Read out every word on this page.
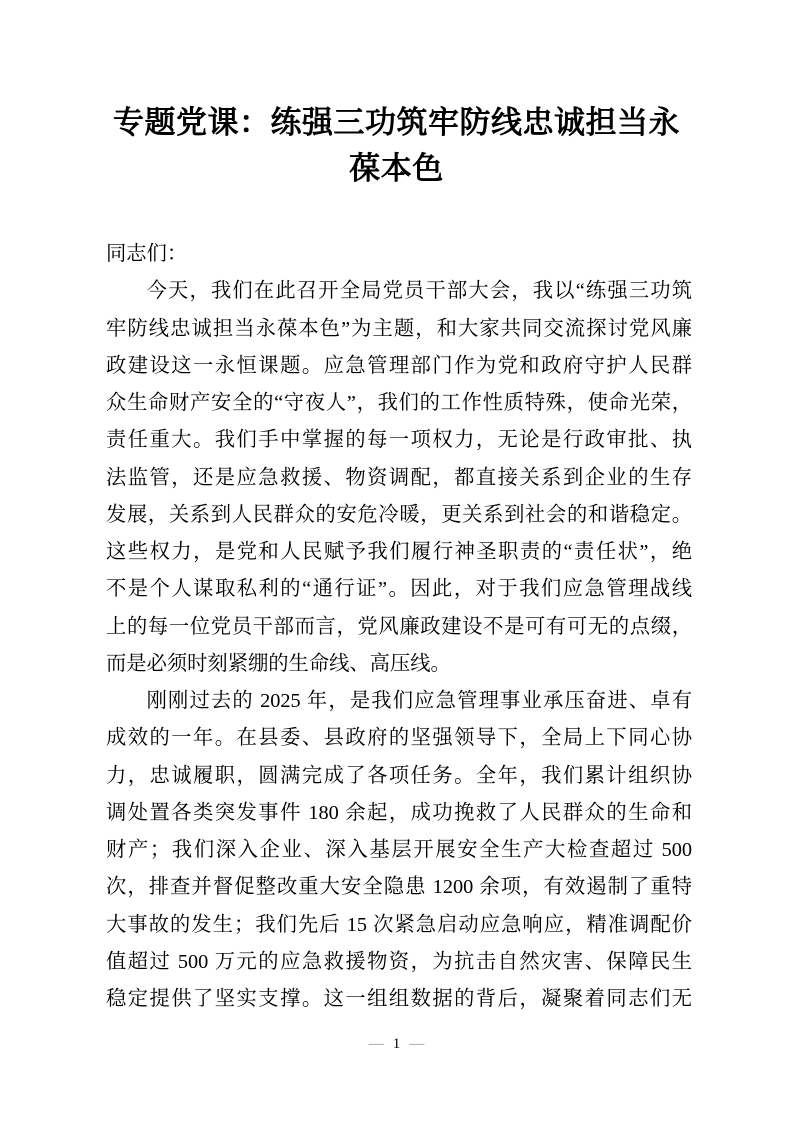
专题党课：练强三功筑牢防线忠诚担当永
葆本色
同志们：
今天，我们在此召开全局党员干部大会，我以“练强三功筑
牢防线忠诚担当永葆本色”为主题，和大家共同交流探讨党风廉
政建设这一永恒课题。应急管理部门作为党和政府守护人民群
众生命财产安全的“守夜人”，我们的工作性质特殊，使命光荣，
责任重大。我们手中掌握的每一项权力，无论是行政审批、执
法监管，还是应急救援、物资调配，都直接关系到企业的生存
发展，关系到人民群众的安危冷暖，更关系到社会的和谐稳定。
这些权力，是党和人民赋予我们履行神圣职责的“责任状”，绝
不是个人谋取私利的“通行证”。因此，对于我们应急管理战线
上的每一位党员干部而言，党风廉政建设不是可有可无的点缀，
而是必须时刻紧绷的生命线、高压线。
刚刚过去的 2025 年，是我们应急管理事业承压奋进、卓有
成效的一年。在县委、县政府的坚强领导下，全局上下同心协
力，忠诚履职，圆满完成了各项任务。全年，我们累计组织协
调处置各类突发事件 180 余起，成功挽救了人民群众的生命和
财产；我们深入企业、深入基层开展安全生产大检查超过 500
次，排查并督促整改重大安全隐患 1200 余项，有效遏制了重特
大事故的发生；我们先后 15 次紧急启动应急响应，精准调配价
值超过 500 万元的应急救援物资，为抗击自然灾害、保障民生
稳定提供了坚实支撑。这一组组数据的背后，凝聚着同志们无
— 1 —
